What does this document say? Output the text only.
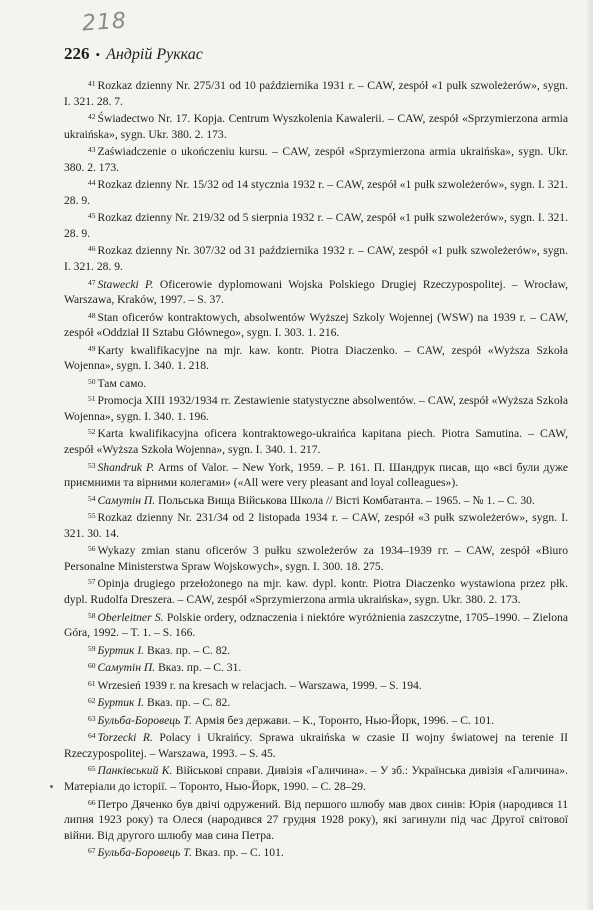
218
226 • Андрій Руккас

$^{41}$ Rozkaz dzienny Nr. 275/31 od 10 października 1931 r. – CAW, zespół «1 pułk szwoleżerów», sygn. I. 321. 28. 7.

$^{42}$ Świadectwo Nr. 17. Kopja. Centrum Wyszkolenia Kawalerii. – CAW, zespół «Sprzymierzona armia ukraińska», sygn. Ukr. 380. 2. 173.

$^{43}$ Zaświadczenie o ukończeniu kursu. – CAW, zespół «Sprzymierzona armia ukraińska», sygn. Ukr. 380. 2. 173.

$^{44}$ Rozkaz dzienny Nr. 15/32 od 14 stycznia 1932 r. – CAW, zespół «1 pułk szwoleżerów», sygn. I. 321. 28. 9.

$^{45}$ Rozkaz dzienny Nr. 219/32 od 5 sierpnia 1932 r. – CAW, zespół «1 pułk szwoleżerów», sygn. I. 321. 28. 9.

$^{46}$ Rozkaz dzienny Nr. 307/32 od 31 października 1932 r. – CAW, zespół «1 pułk szwoleżerów», sygn. I. 321. 28. 9.

$^{47}$ Stawecki P. Oficerowie dyplomowani Wojska Polskiego Drugiej Rzeczypospolitej. – Wrocław, Warszawa, Kraków, 1997. – S. 37.

$^{48}$ Stan oficerów kontraktowych, absolwentów Wyższej Szkoly Wojennej (WSW) na 1939 r. – CAW, zespół «Oddział II Sztabu Głównego», sygn. I. 303. 1. 216.

$^{49}$ Karty kwalifikacyjne na mjr. kaw. kontr. Piotra Diaczenko. – CAW, zespół «Wyższa Szkoła Wojenna», sygn. I. 340. 1. 218.

$^{50}$ Там само.

$^{51}$ Promocja XIII 1932/1934 rr. Zestawienie statystyczne absolwentów. – CAW, zespół «Wyższa Szkoła Wojenna», sygn. I. 340. 1. 196.

$^{52}$ Karta kwalifikacyjna oficera kontraktowego-ukraińca kapitana piech. Piotra Samutina. – CAW, zespół «Wyższa Szkoła Wojenna», sygn. I. 340. 1. 217.

$^{53}$ Shandruk P. Arms of Valor. – New York, 1959. – P. 161. П. Шандрук писав, що «всі були дуже приємними та вірними колегами» («All were very pleasant and loyal colleagues»).

$^{54}$ Самутін П. Польська Вища Військова Школа // Вісті Комбатанта. – 1965. – № 1. – С. 30.

$^{55}$ Rozkaz dzienny Nr. 231/34 od 2 listopada 1934 r. – CAW, zespół «3 pułk szwoleżerów», sygn. I. 321. 30. 14.

$^{56}$ Wykazy zmian stanu oficerów 3 pułku szwoleżerów za 1934–1939 гг. – CAW, zespół «Biuro Personalne Ministerstwa Spraw Wojskowych», sygn. I. 300. 18. 275.

$^{57}$ Opinja drugiego przełożonego na mjr. kaw. dypl. kontr. Piotra Diaczenko wystawiona przez płk. dypl. Rudolfa Dreszera. – CAW, zespół «Sprzymierzona armia ukraińska», sygn. Ukr. 380. 2. 173.

$^{58}$ Oberleitner S. Polskie ordery, odznaczenia i niektóre wyróżnienia zaszczytne, 1705–1990. – Zielona Góra, 1992. – T. 1. – S. 166.

$^{59}$ Буртик І. Вказ. пр. – С. 82.

$^{60}$ Самутін П. Вказ. пр. – С. 31.

$^{61}$ Wrzesień 1939 r. na kresach w relacjach. – Warszawa, 1999. – S. 194.

$^{62}$ Буртик І. Вказ. пр. – С. 82.

$^{63}$ Бульба-Боровець Т. Армія без держави. – К., Торонто, Нью-Йорк, 1996. – С. 101.

$^{64}$ Torzecki R. Polacy i Ukraińcy. Sprawa ukraińska w czasie II wojny światowej na terenie II Rzeczypospolitej. – Warszawa, 1993. – S. 45.

$^{65}$ Панківський К. Військові справи. Дивізія «Галичина». – У зб.: Українська дивізія «Галичина». Матеріали до історії. – Торонто, Нью-Йорк, 1990. – С. 28–29.

$^{66}$ Петро Дяченко був двічі одружений. Від першого шлюбу мав двох синів: Юрія (народився 11 липня 1923 року) та Олеся (народився 27 грудня 1928 року), які загинули під час Другої світової війни. Від другого шлюбу мав сина Петра.

$^{67}$ Бульба-Боровець Т. Вказ. пр. – С. 101.
